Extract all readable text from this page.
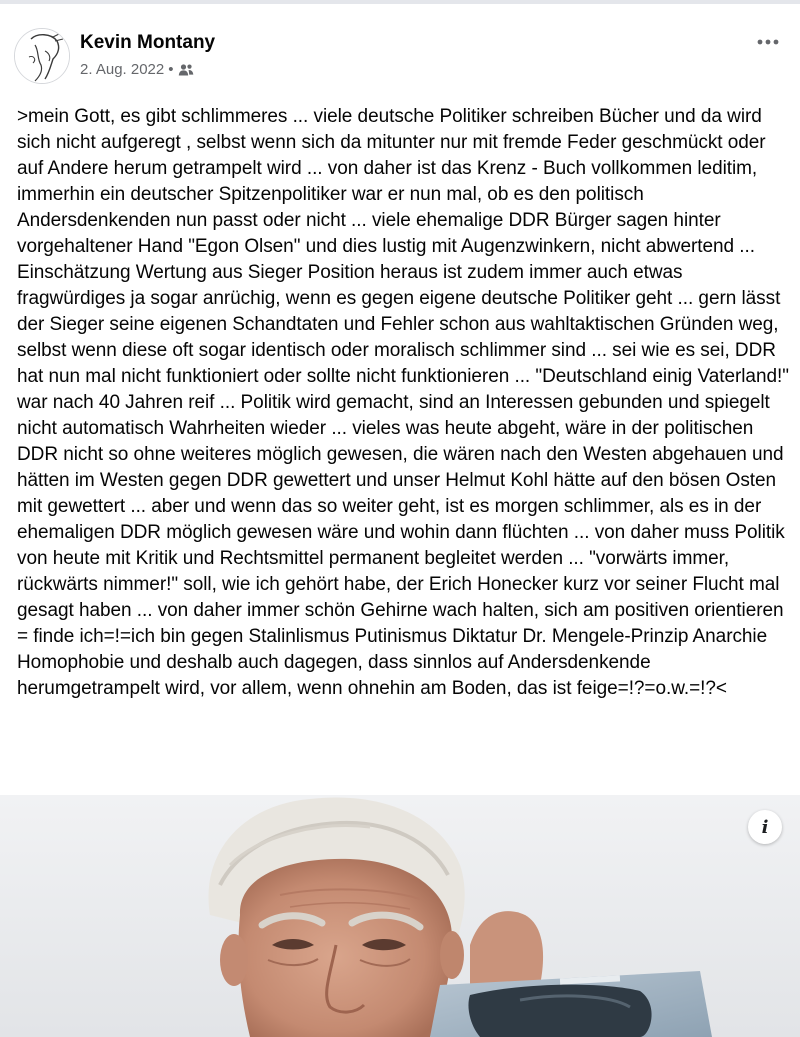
Kevin Montany
2. Aug. 2022 •
>mein Gott, es gibt schlimmeres ... viele deutsche Politiker schreiben Bücher und da wird sich nicht aufgeregt , selbst wenn sich da mitunter nur mit fremde Feder geschmückt oder auf Andere herum getrampelt wird ... von daher ist das Krenz - Buch vollkommen leditim, immerhin ein deutscher Spitzenpolitiker war er nun mal, ob es den politisch Andersdenkenden nun passt oder nicht ... viele ehemalige DDR Bürger sagen hinter vorgehaltener Hand "Egon Olsen" und dies lustig mit Augenzwinkern, nicht abwertend ... Einschätzung Wertung aus Sieger Position heraus ist zudem immer auch etwas fragwürdiges ja sogar anrüchig, wenn es gegen eigene deutsche Politiker geht ... gern lässt der Sieger seine eigenen Schandtaten und Fehler schon aus wahltaktischen Gründen weg, selbst wenn diese oft sogar identisch oder moralisch schlimmer sind ... sei wie es sei, DDR hat nun mal nicht funktioniert oder sollte nicht funktionieren ... "Deutschland einig Vaterland!" war nach 40 Jahren reif ... Politik wird gemacht, sind an Interessen gebunden und spiegelt nicht automatisch Wahrheiten wieder ... vieles was heute abgeht, wäre in der politischen DDR nicht so ohne weiteres möglich gewesen, die wären nach den Westen abgehauen und hätten im Westen gegen DDR gewettert und unser Helmut Kohl hätte auf den bösen Osten mit gewettert ... aber und wenn das so weiter geht, ist es morgen schlimmer, als es in der ehemaligen DDR möglich gewesen wäre und wohin dann flüchten ... von daher muss Politik von heute mit Kritik und Rechtsmittel permanent begleitet werden ... "vorwärts immer, rückwärts nimmer!" soll, wie ich gehört habe, der Erich Honecker kurz vor seiner Flucht mal gesagt haben ... von daher immer schön Gehirne wach halten, sich am positiven orientieren = finde ich=!=ich bin gegen Stalinlismus Putinismus Diktatur Dr. Mengele-Prinzip Anarchie Homophobie und deshalb auch dagegen, dass sinnlos auf Andersdenkende herumgetrampelt wird, vor allem, wenn ohnehin am Boden, das ist feige=!?=o.w.=!?<
i
